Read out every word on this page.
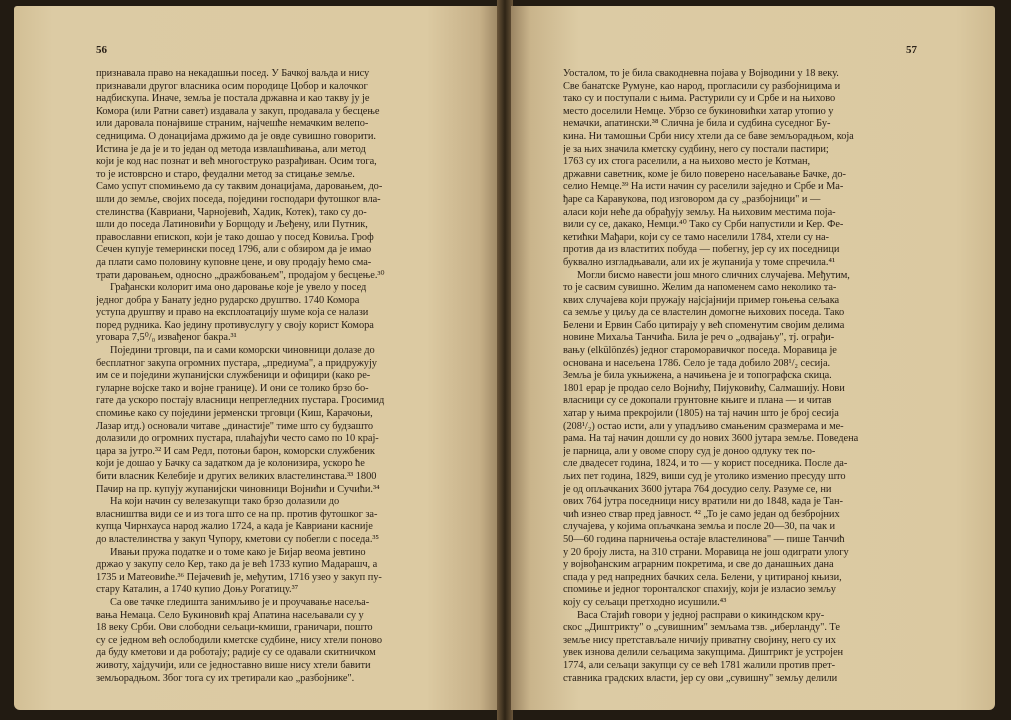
56
признавала право на некадашњи посед. У Бачкој ваљда и нису
признавали другог власника осим породице Цобор и калочког
надбискупа. Иначе, земља је постала државна и као такву ју је
Комора (или Ратни савет) издавала у закуп, продавала у бесцење
или даровала понајвише страним, најчешће немачким велепо-
седницима. О донацијама држимо да је овде сувишно говорити.
Истина је да је и то један од метода извлашћивања, али метод
који је код нас познат и већ многоструко разрађиван. Осим тога,
то је истоврсно и старо, феудални метод за стицање земље.
Само успут спомињемо да су таквим донацијама, даровањем, до-
шли до земље, својих поседа, поједини господари футошког вла-
стелинства (Кавриани, Чарнојевић, Хадик, Котек), тако су до-
шли до поседа Латиновићи у Борщоду и Љеђену, или Путник,
православни епископ, који је тако дошао у посед Ковиља. Гроф
Сечен купује темерински посед 1796, али с обзиром да је имао
да плати само половину куповне цене, и ову продају ћемо сма-
трати даровањем, односно „дражбовањем", продајом у бесцење.³⁰
Грађански колорит има оно даровање које је увело у посед
једног добра у Банату једно рударско друштво. 1740 Комора
уступа друштву и право на експлоатацију шуме која се налази
поред рудника. Као једину противуслугу у своју корист Комора
уговара 7,5⁰/₀ извађеног бакра.³¹
Поједини трговци, па и сами коморски чиновници долазе до
бесплатног закупа огромних пустара, „предиума", а придружују
им се и поједини жупанијски службеници и официри (како ре-
гуларне војске тако и војне границе). И они се толико брзо бо-
гате да ускоро постају власници непрегледних пустара. Гросимид
спомиње како су поједини јерменски трговци (Киш, Карачоњи,
Лазар итд.) основали читаве „династије" тиме што су будзашто
долазили до огромних пустара, плаћајући често само по 10 крај-
цара за јутро.³² И сам Редл, потоњи барон, коморски службеник
који је дошао у Бачку са задатком да је колонизира, ускоро ће
бити власник Келебије и других великих властелинстава.³³ 1800
Пачир на пр. купују жупанијски чиновници Војнићи и Сучићи.³⁴
На који начин су велезакупци тако брзо долазили до
власништва види се и из тога што се на пр. против футошког за-
купца Чирнхауса народ жалио 1724, а када је Кавриани касније
до властелинства у закуп Чупору, кметови су побегли с поседа.³⁵
Ивањи пружа податке и о томе како је Бијар веома јевтино
држао у закупу село Кер, тако да је већ 1733 купио Мадарашч, а
1735 и Матеовиће.³⁶ Пејачевић је, међутим, 1716 узео у закуп пу-
стару Каталин, а 1740 купио Доњу Рогатицу.³⁷
Са ове тачке гледишта занимљиво је и проучавање насеља-
вања Немаца. Село Букиновић крај Апатина насељавали су у
18 веку Срби. Ови слободни сељаци-кмиши, граничари, пошто
су се једном већ ослободили кметске судбине, нису хтели поново
да буду кметови и да роботају; радије су се одавали скитничком
животу, хајдучији, или се једноставно више нису хтели бавити
земљорадњом. Због тога су их третирали као „разбојнике".
57
Уосталом, то је била свакодневна појава у Војводини у 18 веку.
Све банатске Румуне, као народ, прогласили су разбојницима и
тако су и поступали с њима. Растурили су и Србе и на њихово
место доселили Немце. Убрзо се букиновићки хатар утопио у
немачки, апатински.³⁸ Слична је била и судбина суседног Бу-
кина. Ни тамошњи Срби нису хтели да се баве земљорадњом, која
је за њих значила кметску судбину, него су постали пастири;
1763 су их стога раселили, а на њихово место је Котман,
државни саветник, коме је било поверено насељавање Бачке, до-
селио Немце.³⁹ На исти начин су раселили заједно и Србе и Ма-
ђаре са Каравукова, под изговором да су „разбојници" и —
аласи који неће да обрађују земљу. На њиховим местима поја-
вили су се, дакако, Немци.⁴⁰ Тако су Срби напустили и Кер. Фе-
кетићки Мађари, који су се тамо населили 1784, хтели су на-
против да из властитих побуда — побегну, јер су их поседници
буквално изгладњавали, али их је жупанија у томе спречила.⁴¹
Могли бисмо навести још много сличних случајева. Међутим,
то је сасвим сувишно. Желим да напоменем само неколико та-
квих случајева који пружају најсјајнији пример гоњења сељака
са земље у циљу да се властелин домогне њихових поседа. Тако
Белени и Ервин Сабо цитирају у већ споменутим својим делима
новине Михаља Танчића. Била је реч о „одвајању", тј. ограђи-
вању (elkülönzés) једног староморавичког поседа. Моравица је
основана и насељена 1786. Село је тада добило 208¹/₂ сесија.
Земља је била укњижена, а начињена је и топографска скица.
1801 ерар је продао село Војнићу, Пијуковићу, Салмашију. Нови
власници су се докопали грунтовне књиге и плана — и читав
хатар у њима прекројили (1805) на тај начин што је број сесија
(208¹/₂) остао исти, али у упадљиво смањеним сразмерама и ме-
рама. На тај начин дошли су до нових 3600 јутара земље. Поведена
је парница, али у овоме спору суд је доноо одлуку тек по-
сле двадесет година, 1824, и то — у корист поседника. После да-
љих пет година, 1829, виши суд је утолико изменио пресуду што
је од опљачканих 3600 јутара 764 досудио селу. Разуме се, ни
ових 764 јутра поседници нису вратили ни до 1848, када је Тан-
чић изнео ствар пред јавност. ⁴² „То је само један од безбројних
случајева, у којима опљачкана земља и после 20—30, па чак и
50—60 година парничења остаје властелинова" — пише Танчић
у 20 броју листа, на 310 страни. Моравица не још одиграти улогу
у војвођанским аграрним покретима, и све до данашњих дана
спада у ред напредних бачких села. Белени, у цитираној књизи,
спомиње и једног торонталског спахију, који је изласио земљу
коју су сељаци претходно исушили.⁴³
Васа Стајић говори у једној расправи о кикиндском кру-
скос „Диштрикту" о „сувишним" земљама тзв. „иберланду". Те
земље нису претстављале ничију приватну својину, него су их
увек изнова делили сељацима закупцима. Диштрикт је устројен
1774, али сељаци закупци су се већ 1781 жалили против прет-
ставника градских власти, јер су ови „сувишну" земљу делили
